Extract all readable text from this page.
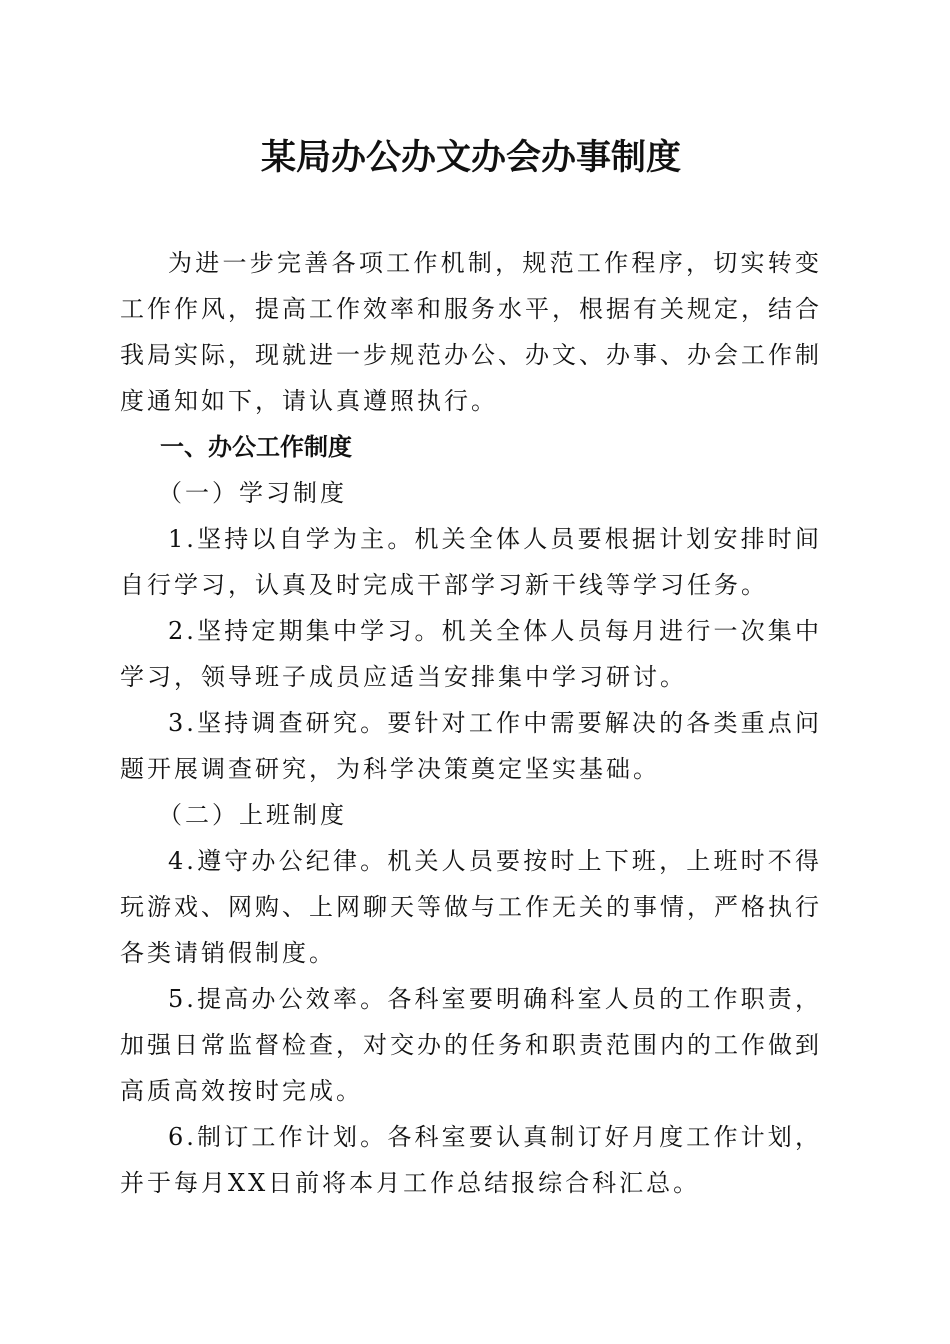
某局办公办文办会办事制度

为进一步完善各项工作机制，规范工作程序，切实转变工作作风，提高工作效率和服务水平，根据有关规定，结合我局实际，现就进一步规范办公、办文、办事、办会工作制度通知如下，请认真遵照执行。

一、办公工作制度

（一）学习制度

1.坚持以自学为主。机关全体人员要根据计划安排时间自行学习，认真及时完成干部学习新干线等学习任务。

2.坚持定期集中学习。机关全体人员每月进行一次集中学习，领导班子成员应适当安排集中学习研讨。

3.坚持调查研究。要针对工作中需要解决的各类重点问题开展调查研究，为科学决策奠定坚实基础。

（二）上班制度

4.遵守办公纪律。机关人员要按时上下班，上班时不得玩游戏、网购、上网聊天等做与工作无关的事情，严格执行各类请销假制度。

5.提高办公效率。各科室要明确科室人员的工作职责，加强日常监督检查，对交办的任务和职责范围内的工作做到高质高效按时完成。

6.制订工作计划。各科室要认真制订好月度工作计划，并于每月XX日前将本月工作总结报综合科汇总。
